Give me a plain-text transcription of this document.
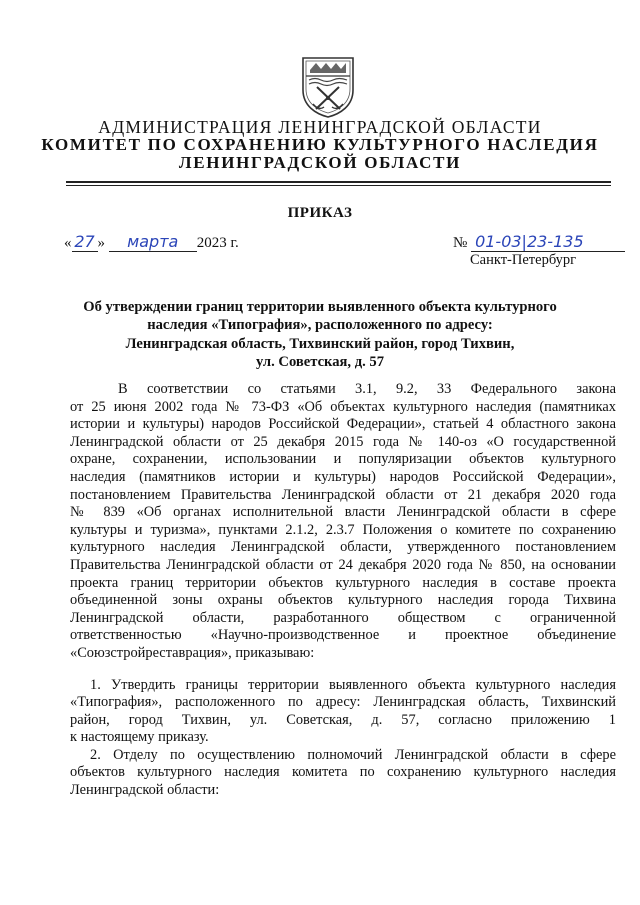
АДМИНИСТРАЦИЯ ЛЕНИНГРАДСКОЙ ОБЛАСТИ
КОМИТЕТ ПО СОХРАНЕНИЮ КУЛЬТУРНОГО НАСЛЕДИЯ
ЛЕНИНГРАДСКОЙ ОБЛАСТИ
ПРИКАЗ
« 27 » марта 2023 г.	№ 01-03|23-135
Санкт-Петербург
Об утверждении границ территории выявленного объекта культурного
наследия «Типография», расположенного по адресу:
Ленинградская область, Тихвинский район, город Тихвин,
ул. Советская, д. 57
В соответствии со статьями 3.1, 9.2, 33 Федерального закона
от 25 июня 2002 года № 73-ФЗ «Об объектах культурного наследия (памятниках
истории и культуры) народов Российской Федерации», статьей 4 областного закона
Ленинградской области от 25 декабря 2015 года № 140-оз «О государственной
охране, сохранении, использовании и популяризации объектов культурного
наследия (памятников истории и культуры) народов Российской Федерации»,
постановлением Правительства Ленинградской области от 21 декабря 2020 года
№ 839 «Об органах исполнительной власти Ленинградской области в сфере
культуры и туризма», пунктами 2.1.2, 2.3.7 Положения о комитете по сохранению
культурного наследия Ленинградской области, утвержденного постановлением
Правительства Ленинградской области от 24 декабря 2020 года № 850, на основании
проекта границ территории объектов культурного наследия в составе проекта
объединенной зоны охраны объектов культурного наследия города Тихвина
Ленинградской области, разработанного обществом с ограниченной
ответственностью «Научно-производственное и проектное объединение
«Союзстройреставрация», приказываю:
1. Утвердить границы территории выявленного объекта культурного наследия
«Типография», расположенного по адресу: Ленинградская область, Тихвинский
район, город Тихвин, ул. Советская, д. 57, согласно приложению 1
к настоящему приказу.
2. Отделу по осуществлению полномочий Ленинградской области в сфере
объектов культурного наследия комитета по сохранению культурного наследия
Ленинградской области:
